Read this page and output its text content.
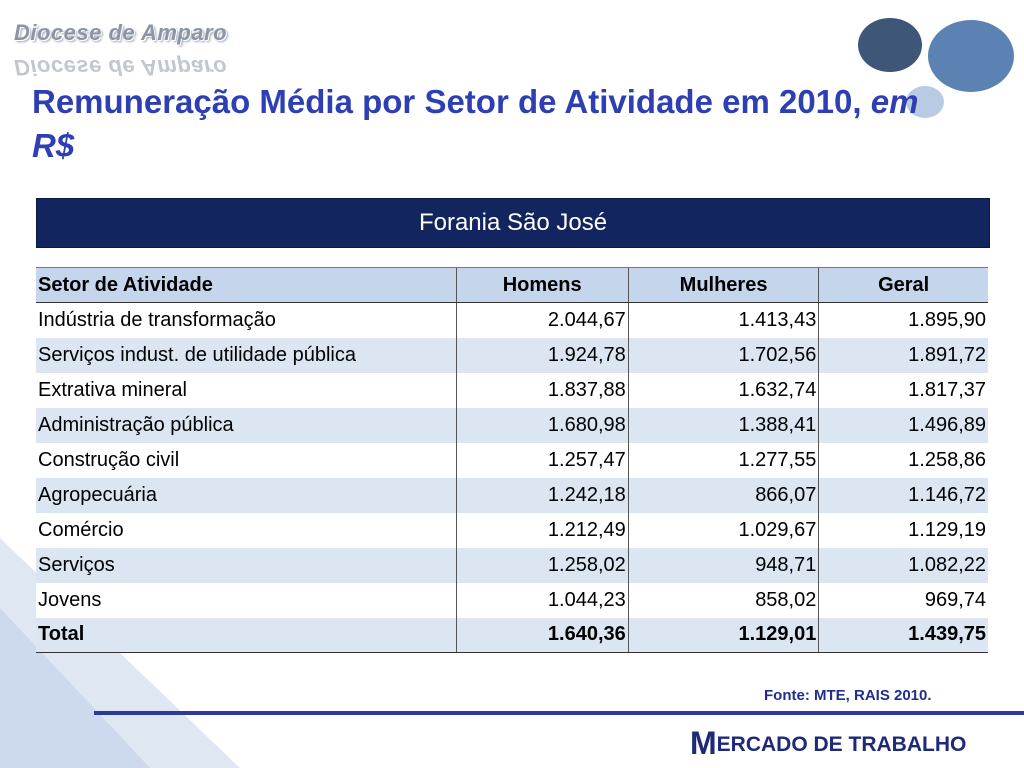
Diocese de Amparo
Diocese de Amparo
Remuneração Média por Setor de Atividade em 2010, em R$
Forania São José
Setor de Atividade	Homens	Mulheres	Geral
Indústria de transformação	2.044,67	1.413,43	1.895,90
Serviços indust. de utilidade pública	1.924,78	1.702,56	1.891,72
Extrativa mineral	1.837,88	1.632,74	1.817,37
Administração pública	1.680,98	1.388,41	1.496,89
Construção civil	1.257,47	1.277,55	1.258,86
Agropecuária	1.242,18	866,07	1.146,72
Comércio	1.212,49	1.029,67	1.129,19
Serviços	1.258,02	948,71	1.082,22
Jovens	1.044,23	858,02	969,74
Total	1.640,36	1.129,01	1.439,75
Fonte: MTE, RAIS 2010.
M ERCADO DE TRABALHO
